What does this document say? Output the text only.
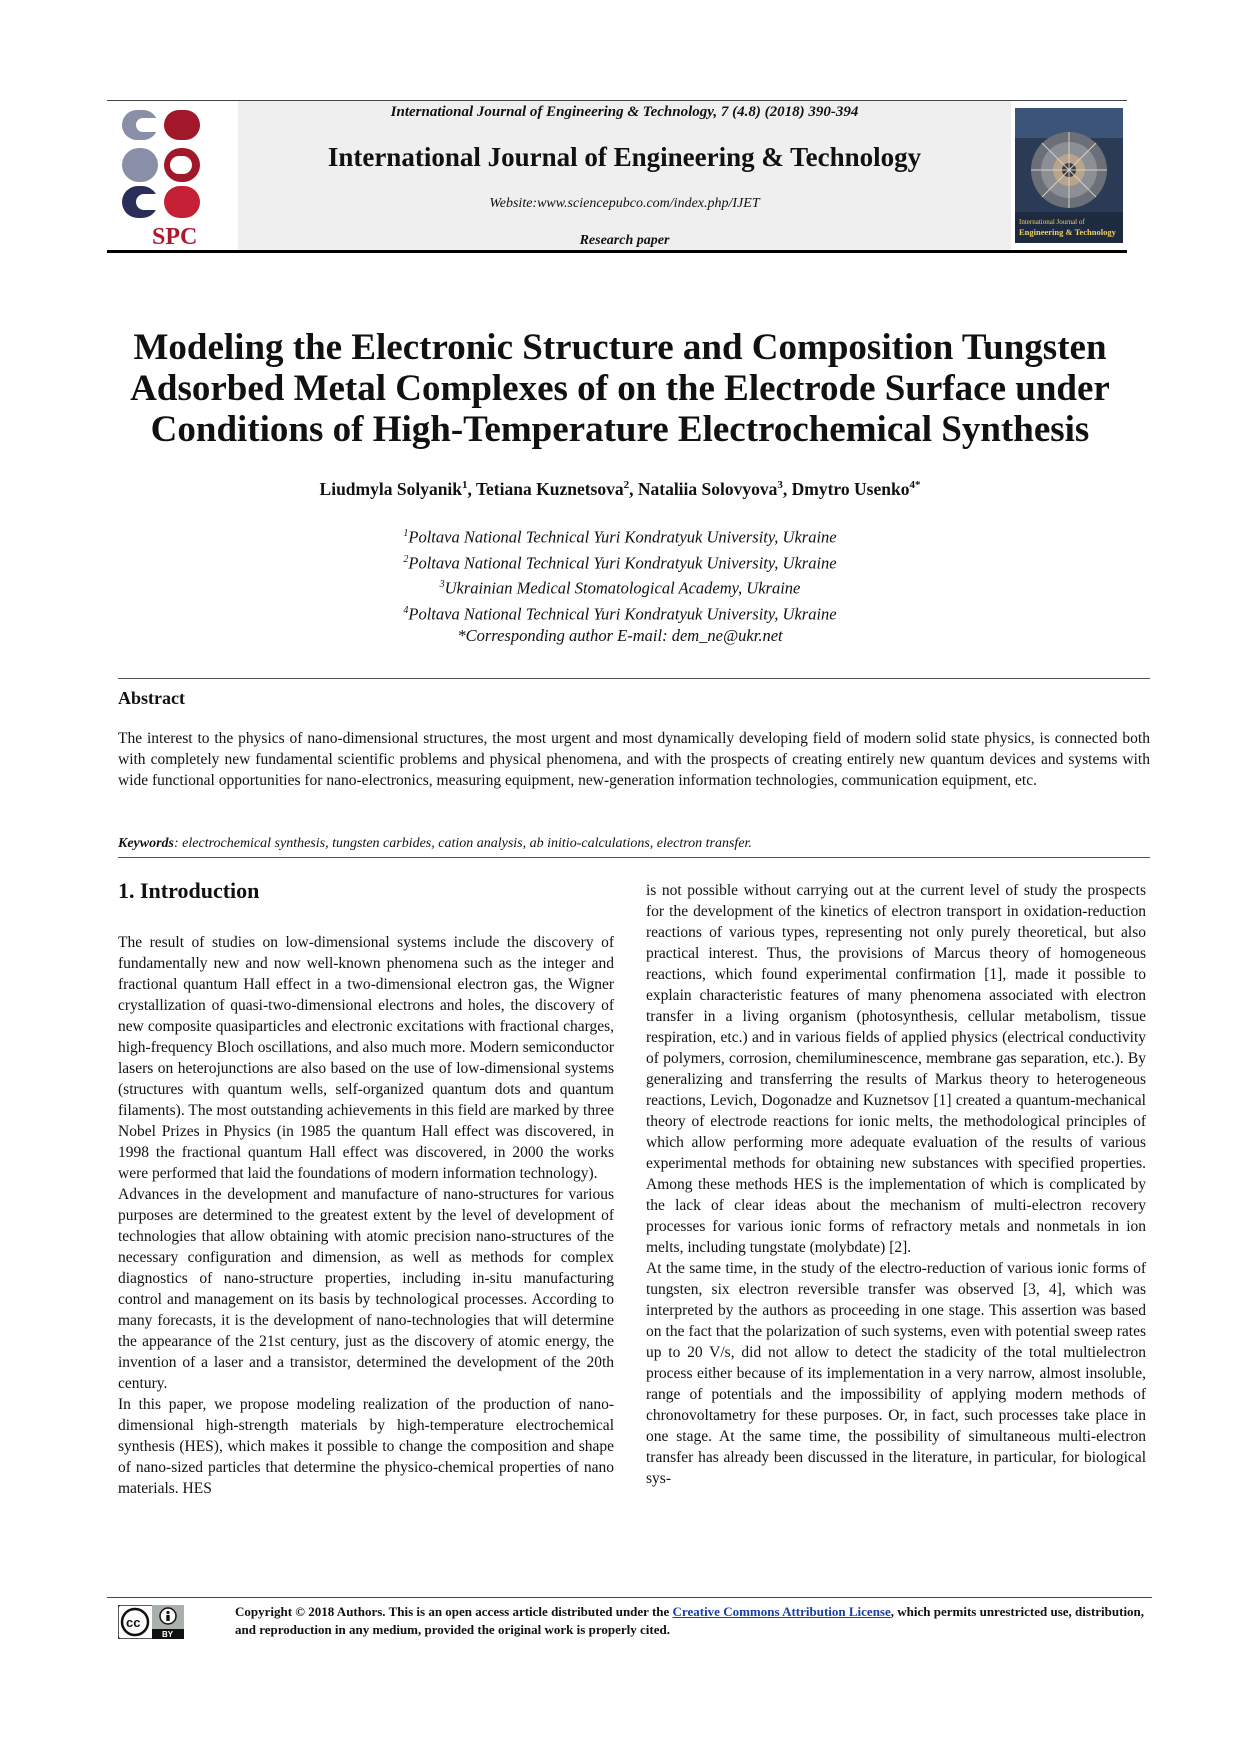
SPC
International Journal of Engineering & Technology, 7 (4.8) (2018) 390-394
International Journal of Engineering & Technology
Website:www.sciencepubco.com/index.php/IJET
Research paper
International Journal of
Engineering & Technology
Modeling the Electronic Structure and Composition Tungsten
Adsorbed Metal Complexes of on the Electrode Surface under
Conditions of High-Temperature Electrochemical Synthesis
Liudmyla Solyanik$^1$, Tetiana Kuznetsova$^2$, Nataliia Solovyova$^3$, Dmytro Usenko$^{4*}$
$^1$Poltava National Technical Yuri Kondratyuk University, Ukraine
$^2$Poltava National Technical Yuri Kondratyuk University, Ukraine
$^3$Ukrainian Medical Stomatological Academy, Ukraine
$^4$Poltava National Technical Yuri Kondratyuk University, Ukraine
*Corresponding author E-mail: dem_ne@ukr.net
Abstract
The interest to the physics of nano-dimensional structures, the most urgent and most dynamically developing field of modern solid state physics, is connected both with completely new fundamental scientific problems and physical phenomena, and with the prospects of creating entirely new quantum devices and systems with wide functional opportunities for nano-electronics, measuring equipment, new-generation information technologies, communication equipment, etc.
Keywords: electrochemical synthesis, tungsten carbides, cation analysis, ab initio-calculations, electron transfer.
1. Introduction

The result of studies on low-dimensional systems include the discovery of fundamentally new and now well-known phenomena such as the integer and fractional quantum Hall effect in a two-dimensional electron gas, the Wigner crystallization of quasi-two-dimensional electrons and holes, the discovery of new composite quasiparticles and electronic excitations with fractional charges, high-frequency Bloch oscillations, and also much more. Modern semiconductor lasers on heterojunctions are also based on the use of low-dimensional systems (structures with quantum wells, self-organized quantum dots and quantum filaments). The most outstanding achievements in this field are marked by three Nobel Prizes in Physics (in 1985 the quantum Hall effect was discovered, in 1998 the fractional quantum Hall effect was discovered, in 2000 the works were performed that laid the foundations of modern information technology).

Advances in the development and manufacture of nano-structures for various purposes are determined to the greatest extent by the level of development of technologies that allow obtaining with atomic precision nano-structures of the necessary configuration and dimension, as well as methods for complex diagnostics of nano-structure properties, including in-situ manufacturing control and management on its basis by technological processes. According to many forecasts, it is the development of nano-technologies that will determine the appearance of the 21st century, just as the discovery of atomic energy, the invention of a laser and a transistor, determined the development of the 20th century.

In this paper, we propose modeling realization of the production of nano-dimensional high-strength materials by high-temperature electrochemical synthesis (HES), which makes it possible to change the composition and shape of nano-sized particles that determine the physico-chemical properties of nano materials. HES

is not possible without carrying out at the current level of study the prospects for the development of the kinetics of electron transport in oxidation-reduction reactions of various types, representing not only purely theoretical, but also practical interest. Thus, the provisions of Marcus theory of homogeneous reactions, which found experimental confirmation [1], made it possible to explain characteristic features of many phenomena associated with electron transfer in a living organism (photosynthesis, cellular metabolism, tissue respiration, etc.) and in various fields of applied physics (electrical conductivity of polymers, corrosion, chemiluminescence, membrane gas separation, etc.). By generalizing and transferring the results of Markus theory to heterogeneous reactions, Levich, Dogonadze and Kuznetsov [1] created a quantum-mechanical theory of electrode reactions for ionic melts, the methodological principles of which allow performing more adequate evaluation of the results of various experimental methods for obtaining new substances with specified properties. Among these methods HES is the implementation of which is complicated by the lack of clear ideas about the mechanism of multi-electron recovery processes for various ionic forms of refractory metals and nonmetals in ion melts, including tungstate (molybdate) [2].

At the same time, in the study of the electro-reduction of various ionic forms of tungsten, six electron reversible transfer was observed [3, 4], which was interpreted by the authors as proceeding in one stage. This assertion was based on the fact that the polarization of such systems, even with potential sweep rates up to 20 V/s, did not allow to detect the stadicity of the total multielectron process either because of its implementation in a very narrow, almost insoluble, range of potentials and the impossibility of applying modern methods of chronovoltametry for these purposes. Or, in fact, such processes take place in one stage. At the same time, the possibility of simultaneous multi-electron transfer has already been discussed in the literature, in particular, for biological sys-

cc
BY
Copyright © 2018 Authors. This is an open access article distributed under the Creative Commons Attribution License, which permits unrestricted use, distribution, and reproduction in any medium, provided the original work is properly cited.
